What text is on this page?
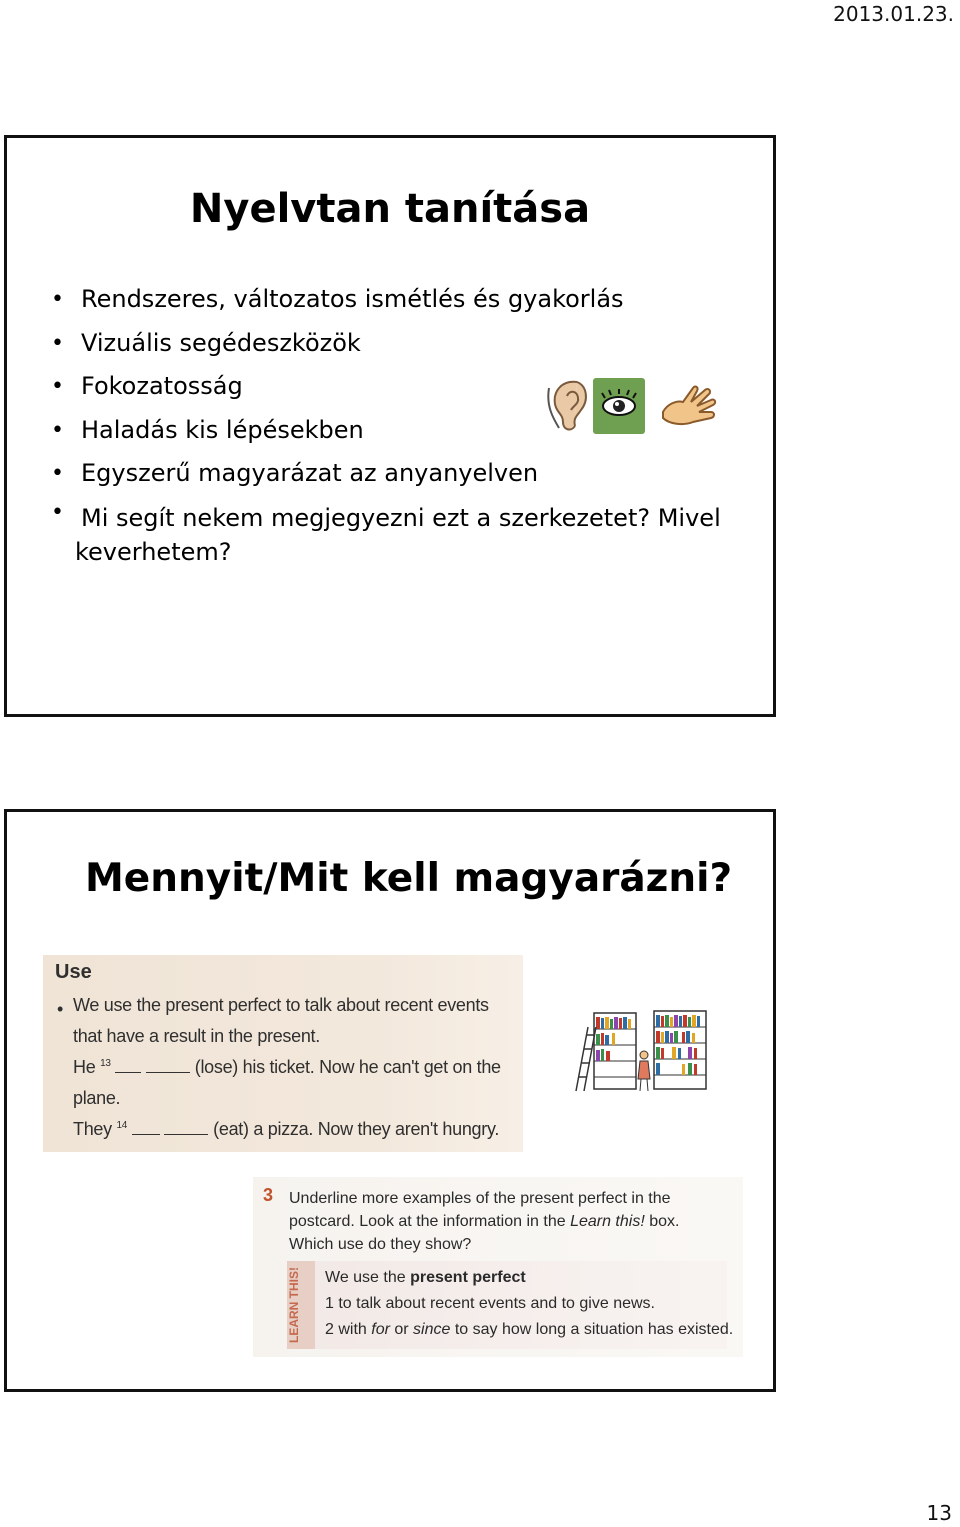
2013.01.23.
Nyelvtan tanítása
• Rendszeres, változatos ismétlés és gyakorlás
• Vizuális segédeszközök
• Fokozatosság
• Haladás kis lépésekben
• Egyszerű magyarázat az anyanyelven
• Mi segít nekem megjegyezni ezt a szerkezetet? Mivel
keverhetem?
Mennyit/Mit kell magyarázni?
Use
• We use the present perfect to talk about recent events
that have a result in the present.
He $^{13}$	(lose) his ticket. Now he can't get on the
plane.
They $^{14}$	(eat) a pizza. Now they aren't hungry.
3 Underline more examples of the present perfect in the
postcard. Look at the information in the Learn this! box.
Which use do they show?
LEARN THIS!	We use the present perfect
1 to talk about recent events and to give news.
2 with for or since to say how long a situation has existed.
13
